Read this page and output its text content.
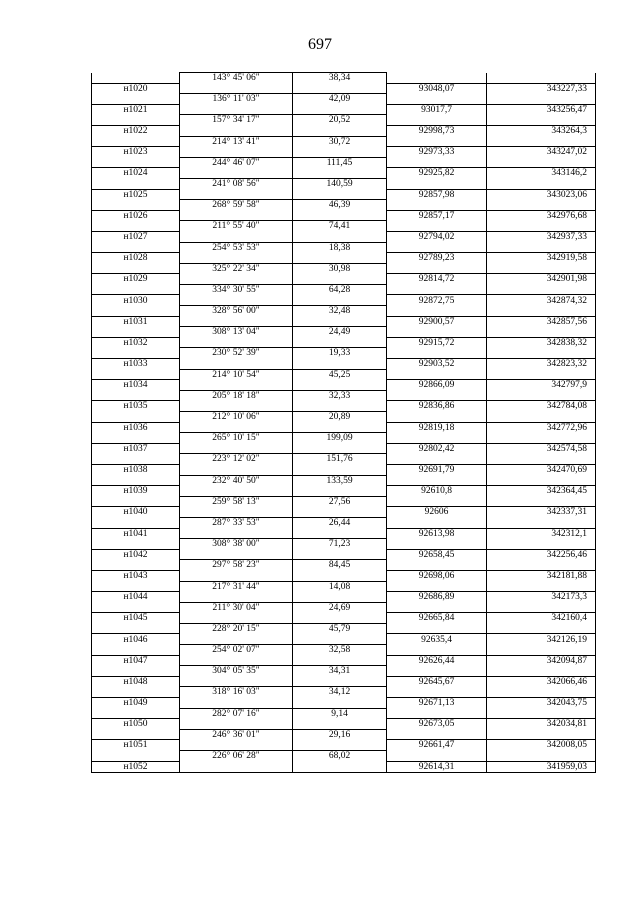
697
	143° 45' 06"	38,34		
н1020			93048,07	343227,33
	136° 11' 03"	42,09		
н1021			93017,7	343256,47
	157° 34' 17"	20,52		
н1022			92998,73	343264,3
	214° 13' 41"	30,72		
н1023			92973,33	343247,02
	244° 46' 07"	111,45		
н1024			92925,82	343146,2
	241° 08' 56"	140,59		
н1025			92857,98	343023,06
	268° 59' 58"	46,39		
н1026			92857,17	342976,68
	211° 55' 40"	74,41		
н1027			92794,02	342937,33
	254° 53' 53"	18,38		
н1028			92789,23	342919,58
	325° 22' 34"	30,98		
н1029			92814,72	342901,98
	334° 30' 55"	64,28		
н1030			92872,75	342874,32
	328° 56' 00"	32,48		
н1031			92900,57	342857,56
	308° 13' 04"	24,49		
н1032			92915,72	342838,32
	230° 52' 39"	19,33		
н1033			92903,52	342823,32
	214° 10' 54"	45,25		
н1034			92866,09	342797,9
	205° 18' 18"	32,33		
н1035			92836,86	342784,08
	212° 10' 06"	20,89		
н1036			92819,18	342772,96
	265° 10' 15"	199,09		
н1037			92802,42	342574,58
	223° 12' 02"	151,76		
н1038			92691,79	342470,69
	232° 40' 50"	133,59		
н1039			92610,8	342364,45
	259° 58' 13"	27,56		
н1040			92606	342337,31
	287° 33' 53"	26,44		
н1041			92613,98	342312,1
	308° 38' 00"	71,23		
н1042			92658,45	342256,46
	297° 58' 23"	84,45		
н1043			92698,06	342181,88
	217° 31' 44"	14,08		
н1044			92686,89	342173,3
	211° 30' 04"	24,69		
н1045			92665,84	342160,4
	228° 20' 15"	45,79		
н1046			92635,4	342126,19
	254° 02' 07"	32,58		
н1047			92626,44	342094,87
	304° 05' 35"	34,31		
н1048			92645,67	342066,46
	318° 16' 03"	34,12		
н1049			92671,13	342043,75
	282° 07' 16"	9,14		
н1050			92673,05	342034,81
	246° 36' 01"	29,16		
н1051			92661,47	342008,05
	226° 06' 28"	68,02		
н1052			92614,31	341959,03
